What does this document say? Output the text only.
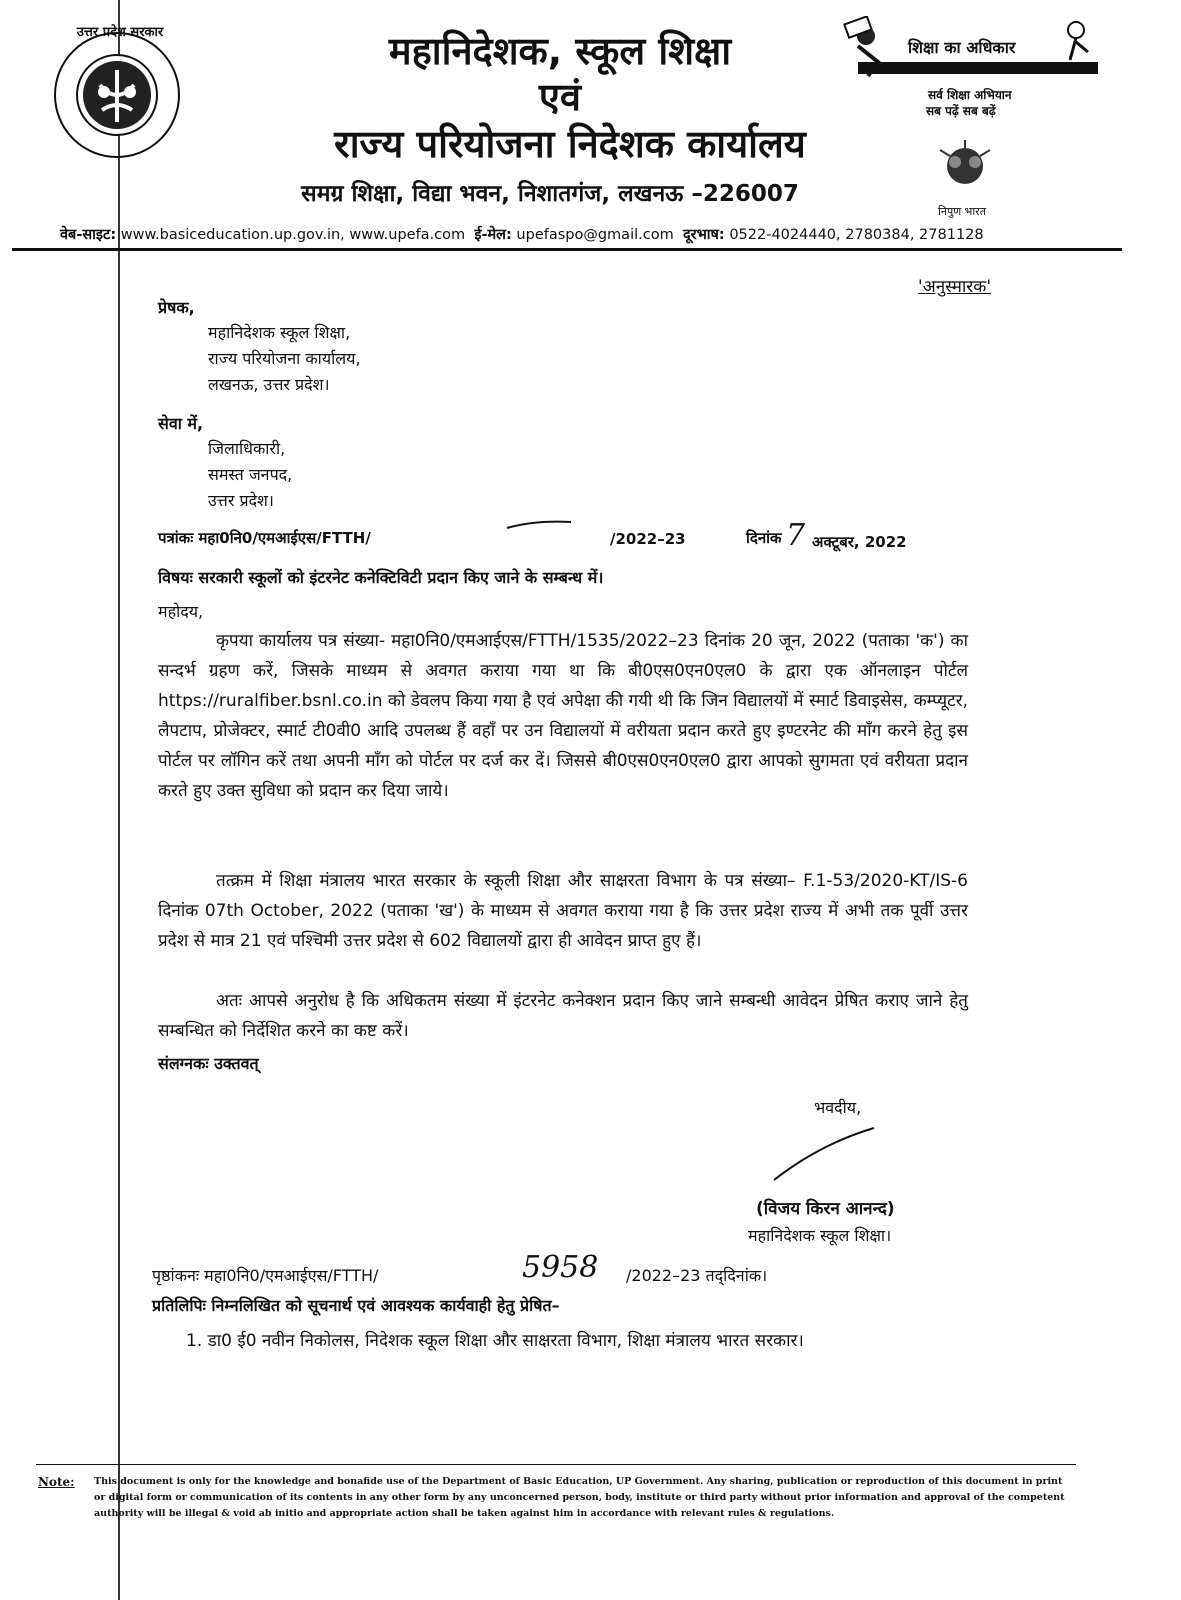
उत्तर प्रदेश सरकार	महानिदेशक, स्कूल शिक्षा
एवं
राज्य परियोजना निदेशक कार्यालय
समग्र शिक्षा, विद्या भवन, निशातगंज, लखनऊ –226007
शिक्षा का अधिकार
सर्व शिक्षा अभियान
सब पढ़ें सब बढ़ें
निपुण भारत
वेब-साइट: www.basiceducation.up.gov.in, www.upefa.com ई-मेल: upefaspo@gmail.com दूरभाष: 0522-4024440, 2780384, 2781128
'अनुस्मारक'
प्रेषक,
महानिदेशक स्कूल शिक्षा,
राज्य परियोजना कार्यालय,
लखनऊ, उत्तर प्रदेश।
सेवा में,
जिलाधिकारी,
समस्त जनपद,
उत्तर प्रदेश।
पत्रांकः महा0नि0/एमआईएस/FTTH/	/2022–23	दिनांक 7 अक्टूबर, 2022
विषयः सरकारी स्कूलों को इंटरनेट कनेक्टिविटी प्रदान किए जाने के सम्बन्ध में।
महोदय,
कृपया कार्यालय पत्र संख्या- महा0नि0/एमआईएस/FTTH/1535/2022–23 दिनांक 20 जून, 2022 (पताका 'क') का सन्दर्भ ग्रहण करें, जिसके माध्यम से अवगत कराया गया था कि बी0एस0एन0एल0 के द्वारा एक ऑनलाइन पोर्टल https://ruralfiber.bsnl.co.in को डेवलप किया गया है एवं अपेक्षा की गयी थी कि जिन विद्यालयों में स्मार्ट डिवाइसेस, कम्प्यूटर, लैपटाप, प्रोजेक्टर, स्मार्ट टी0वी0 आदि उपलब्ध हैं वहाँ पर उन विद्यालयों में वरीयता प्रदान करते हुए इण्टरनेट की माँग करने हेतु इस पोर्टल पर लॉगिन करें तथा अपनी माँग को पोर्टल पर दर्ज कर दें। जिससे बी0एस0एन0एल0 द्वारा आपको सुगमता एवं वरीयता प्रदान करते हुए उक्त सुविधा को प्रदान कर दिया जाये।
तत्क्रम में शिक्षा मंत्रालय भारत सरकार के स्कूली शिक्षा और साक्षरता विभाग के पत्र संख्या– F.1-53/2020-KT/IS-6 दिनांक 07th October, 2022 (पताका 'ख') के माध्यम से अवगत कराया गया है कि उत्तर प्रदेश राज्य में अभी तक पूर्वी उत्तर प्रदेश से मात्र 21 एवं पश्चिमी उत्तर प्रदेश से 602 विद्यालयों द्वारा ही आवेदन प्राप्त हुए हैं।
अतः आपसे अनुरोध है कि अधिकतम संख्या में इंटरनेट कनेक्शन प्रदान किए जाने सम्बन्धी आवेदन प्रेषित कराए जाने हेतु सम्बन्धित को निर्देशित करने का कष्ट करें।
संलग्नकः उक्तवत्
भवदीय,
(विजय किरन आनन्द)
महानिदेशक स्कूल शिक्षा।
पृष्ठांकनः महा0नि0/एमआईएस/FTTH/	5958 /2022–23 तद्‌दिनांक।
प्रतिलिपिः निम्नलिखित को सूचनार्थ एवं आवश्यक कार्यवाही हेतु प्रेषित–
1. डा0 ई0 नवीन निकोलस, निदेशक स्कूल शिक्षा और साक्षरता विभाग, शिक्षा मंत्रालय भारत सरकार।
Note: This document is only for the knowledge and bonafide use of the Department of Basic Education, UP Government. Any sharing, publication or reproduction of this document in print or digital form or communication of its contents in any other form by any unconcerned person, body, institute or third party without prior information and approval of the competent authority will be illegal & void ab initio and appropriate action shall be taken against him in accordance with relevant rules & regulations.
